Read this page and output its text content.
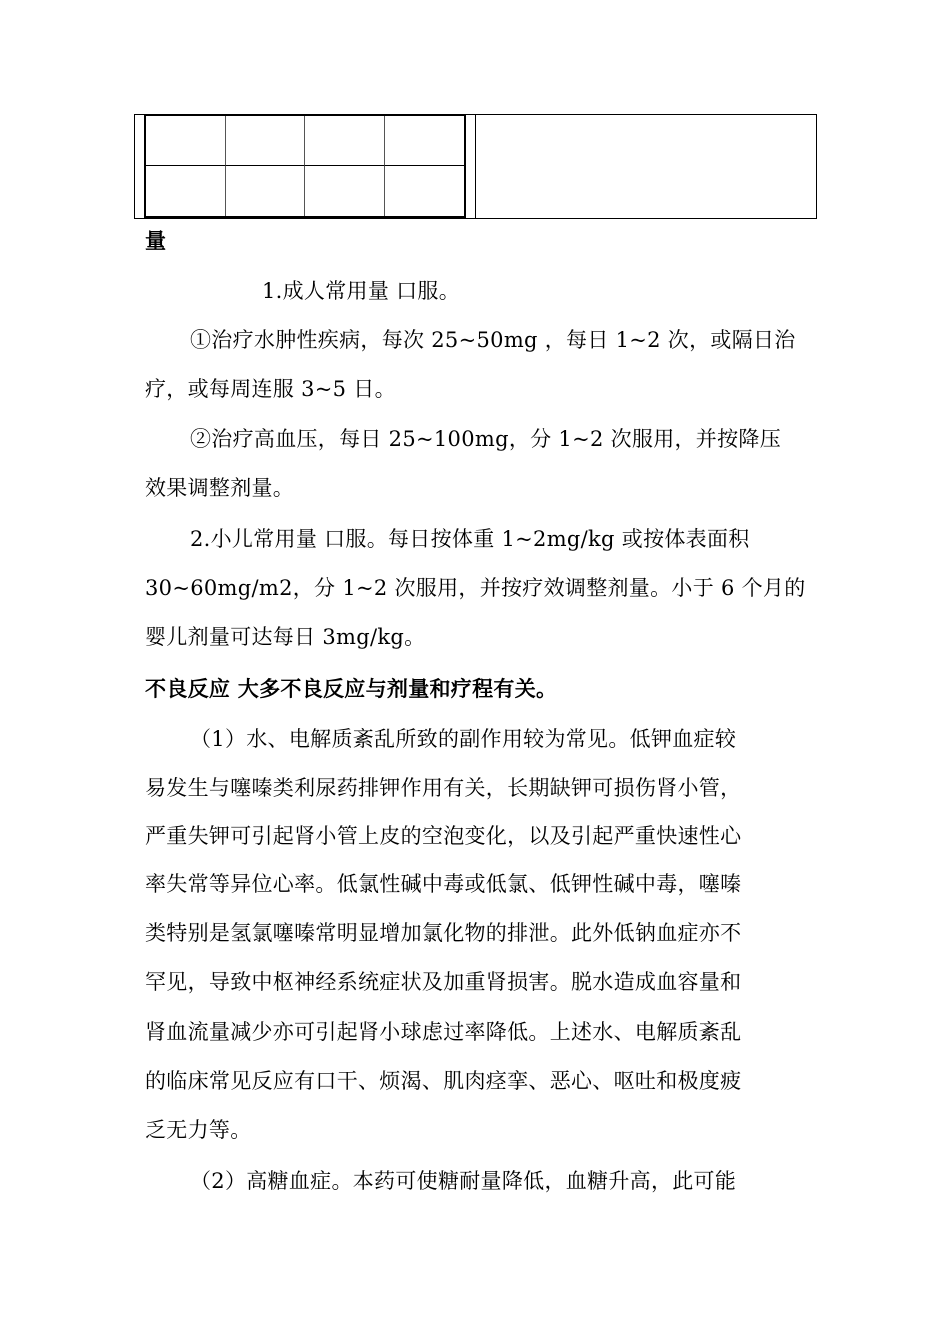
量
1.成人常用量 口服。
①治疗水肿性疾病，每次 25~50mg ，每日 1~2 次，或隔日治
疗，或每周连服 3~5 日。
②治疗高血压，每日 25~100mg，分 1~2 次服用，并按降压
效果调整剂量。
2.小儿常用量 口服。每日按体重 1~2mg/kg 或按体表面积
30~60mg/m2，分 1~2 次服用，并按疗效调整剂量。小于 6 个月的
婴儿剂量可达每日 3mg/kg。
不良反应 大多不良反应与剂量和疗程有关。
（1）水、电解质紊乱所致的副作用较为常见。低钾血症较
易发生与噻嗪类利尿药排钾作用有关，长期缺钾可损伤肾小管，
严重失钾可引起肾小管上皮的空泡变化，以及引起严重快速性心
率失常等异位心率。低氯性碱中毒或低氯、低钾性碱中毒，噻嗪
类特别是氢氯噻嗪常明显增加氯化物的排泄。此外低钠血症亦不
罕见，导致中枢神经系统症状及加重肾损害。脱水造成血容量和
肾血流量减少亦可引起肾小球虑过率降低。上述水、电解质紊乱
的临床常见反应有口干、烦渴、肌肉痉挛、恶心、呕吐和极度疲
乏无力等。
（2）高糖血症。本药可使糖耐量降低，血糖升高，此可能
